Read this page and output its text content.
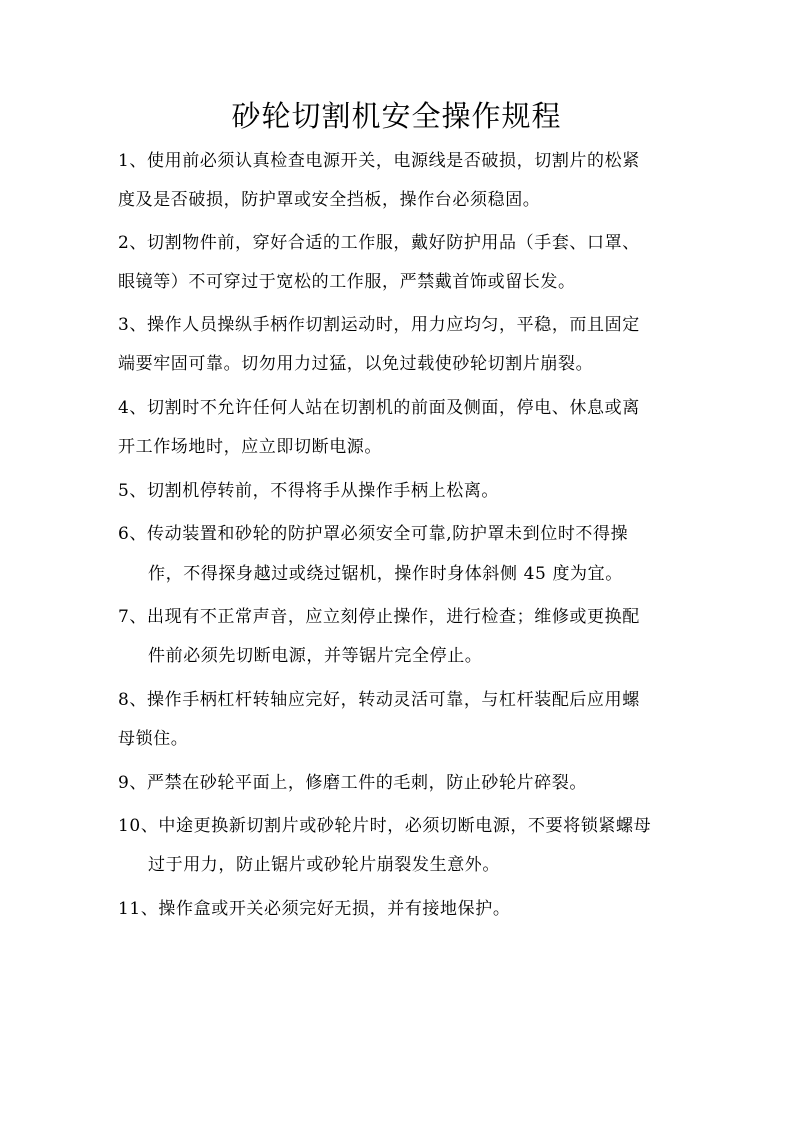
砂轮切割机安全操作规程
1、使用前必须认真检查电源开关，电源线是否破损，切割片的松紧
度及是否破损，防护罩或安全挡板，操作台必须稳固。
2、切割物件前，穿好合适的工作服，戴好防护用品（手套、口罩、
眼镜等）不可穿过于宽松的工作服，严禁戴首饰或留长发。
3、操作人员操纵手柄作切割运动时，用力应均匀，平稳，而且固定
端要牢固可靠。切勿用力过猛，以免过载使砂轮切割片崩裂。
4、切割时不允许任何人站在切割机的前面及侧面，停电、休息或离
开工作场地时，应立即切断电源。
5、切割机停转前，不得将手从操作手柄上松离。
6、传动装置和砂轮的防护罩必须安全可靠,防护罩未到位时不得操
作，不得探身越过或绕过锯机，操作时身体斜侧 45 度为宜。
7、出现有不正常声音，应立刻停止操作，进行检查；维修或更换配
件前必须先切断电源，并等锯片完全停止。
8、操作手柄杠杆转轴应完好，转动灵活可靠，与杠杆装配后应用螺
母锁住。
9、严禁在砂轮平面上，修磨工件的毛刺，防止砂轮片碎裂。
10、中途更换新切割片或砂轮片时，必须切断电源，不要将锁紧螺母
过于用力，防止锯片或砂轮片崩裂发生意外。
11、操作盒或开关必须完好无损，并有接地保护。
